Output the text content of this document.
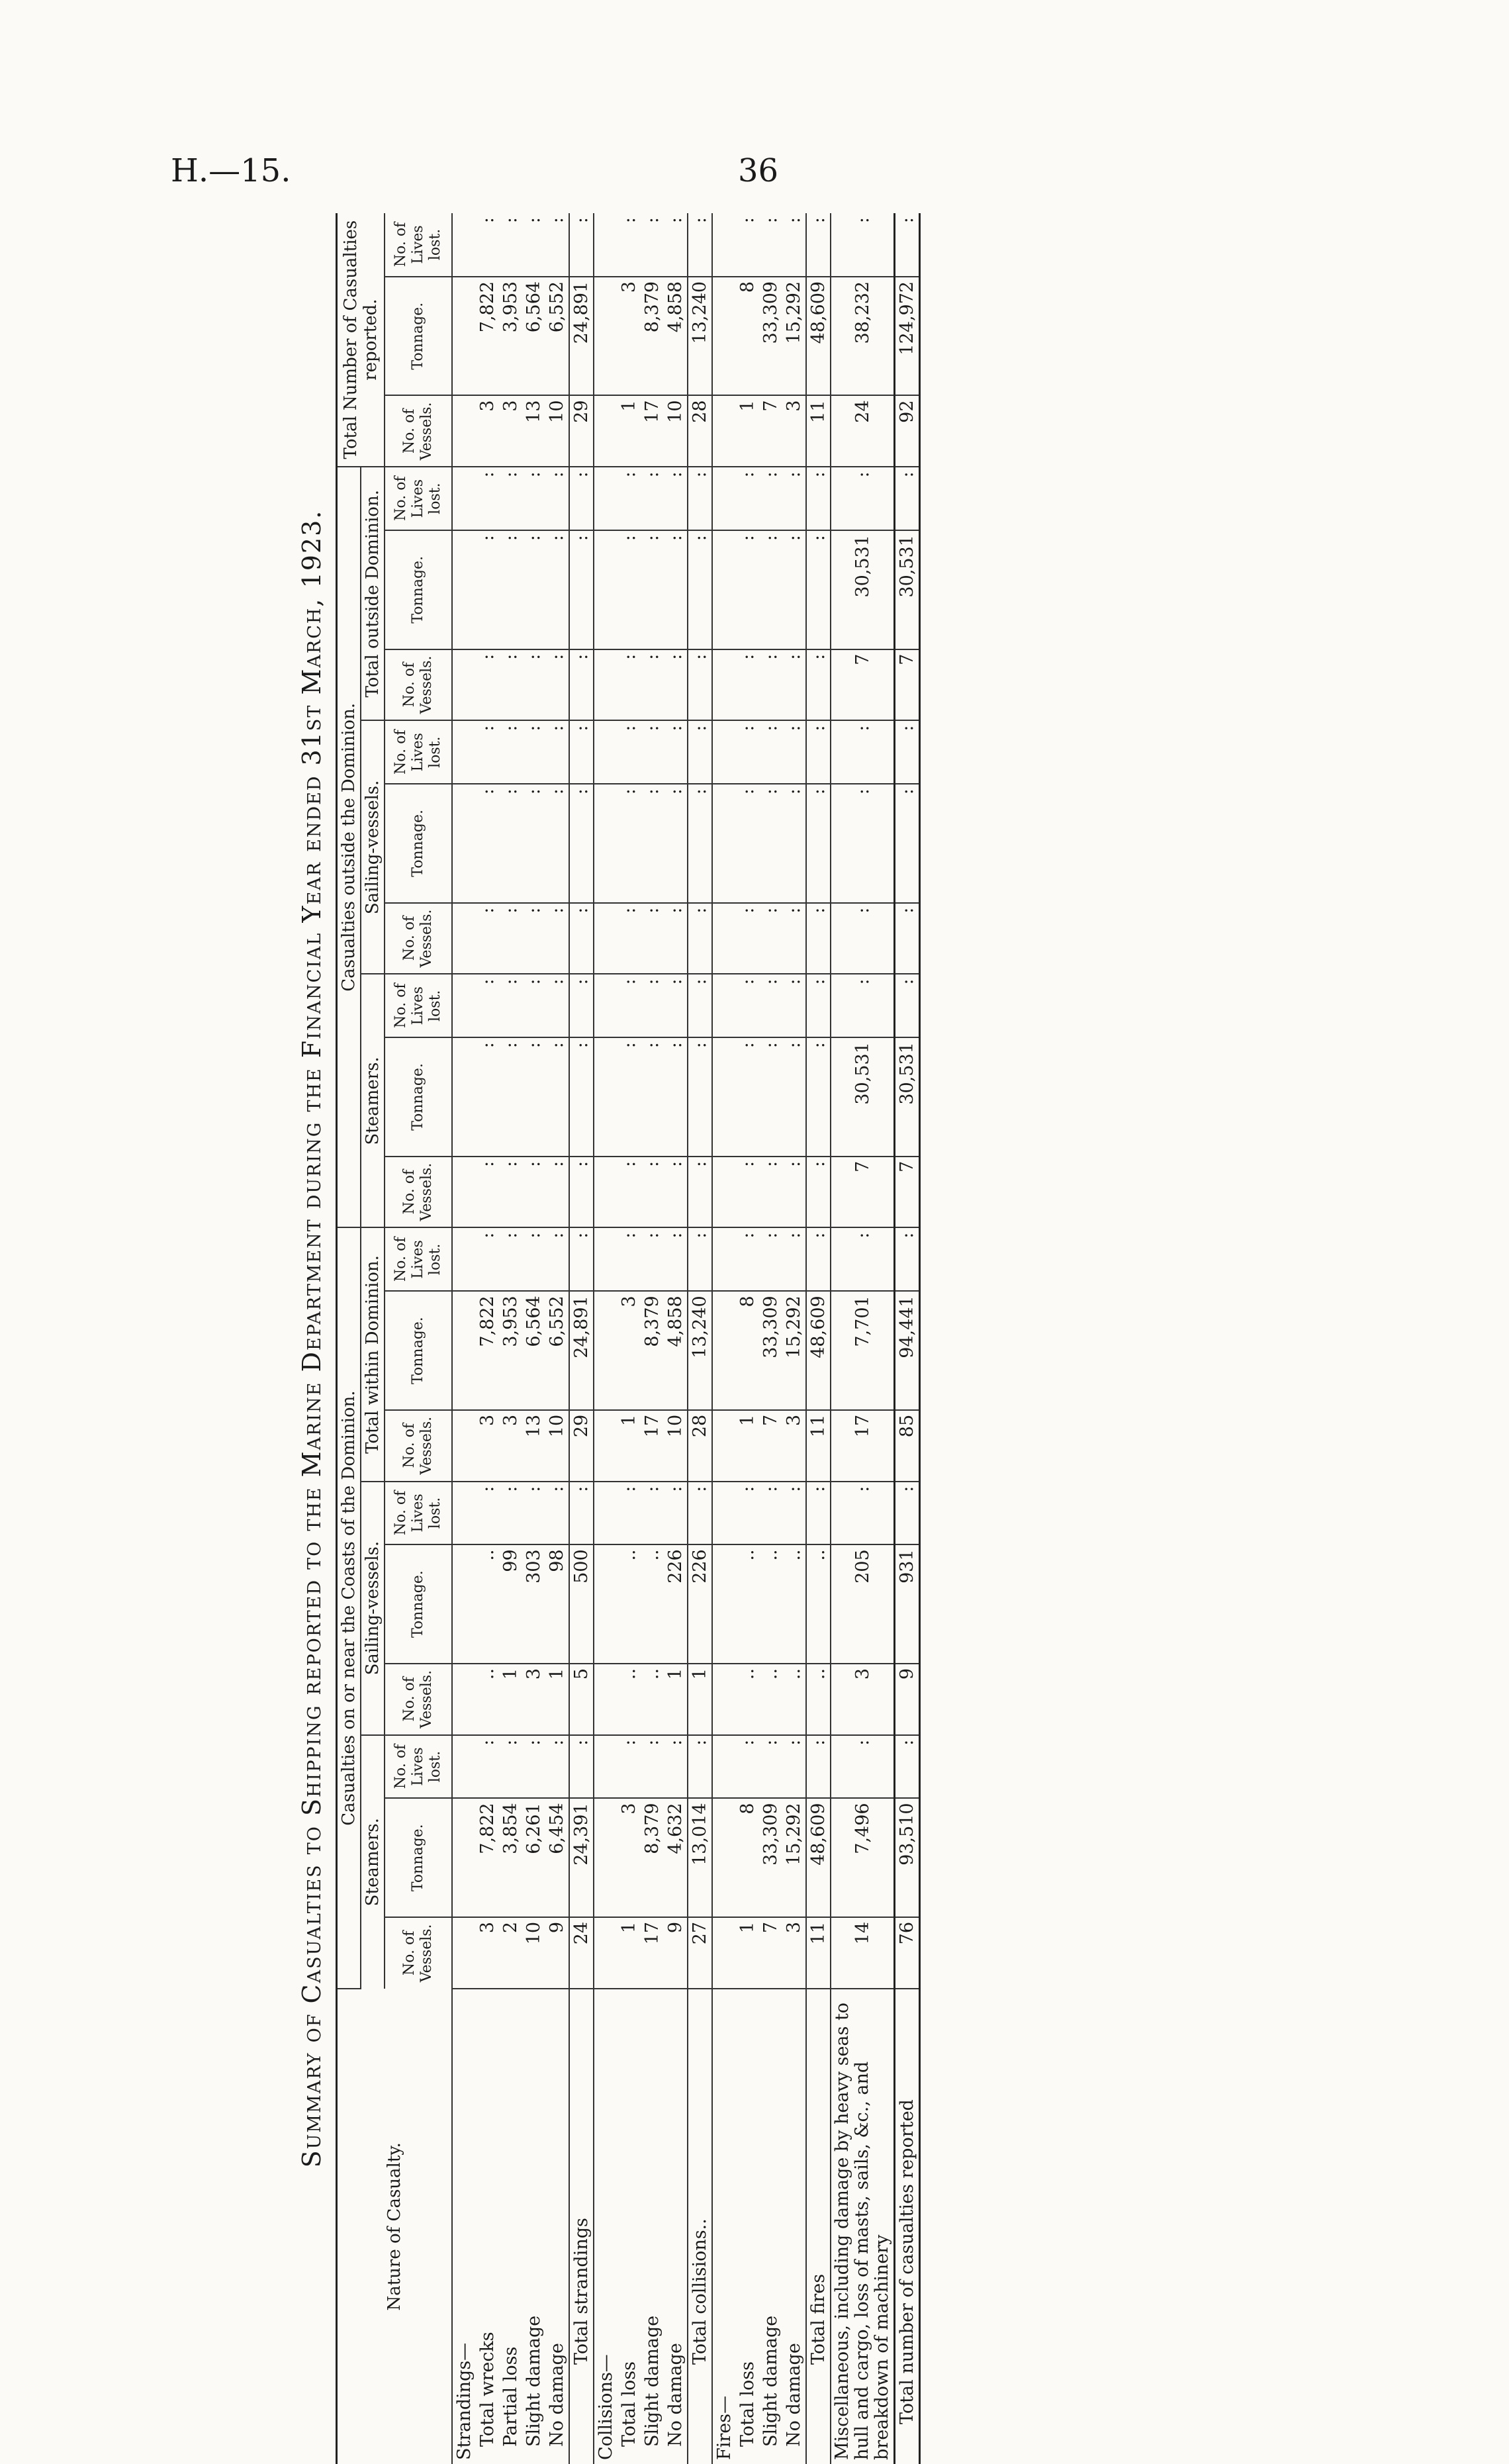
H.—15.	36
Summary of Casualties to Shipping reported to the Marine Department during the Financial Year ended 31st March, 1923.
Nature of Casualty.	Casualties on or near the Coasts of the Dominion.									Casualties outside the Dominion.									Total Number of Casualties reported.		
	Steamers.			Sailing-vessels.			Total within Dominion.			Steamers.			Sailing-vessels.			Total outside Dominion.					
	No. of Vessels.	Tonnage.	No. of Lives lost.	No. of Vessels.	Tonnage.	No. of Lives lost.	No. of Vessels.	Tonnage.	No. of Lives lost.	No. of Vessels.	Tonnage.	No. of Lives lost.	No. of Vessels.	Tonnage.	No. of Lives lost.	No. of Vessels.	Tonnage.	No. of Lives lost.	No. of Vessels.	Tonnage.	No. of Lives lost.
Strandings—																					
Total wrecks	3	7,822	:	..	..	:	3	7,822	:	:	:	:	:	:	:	:	:	:	3	7,822	:
Partial loss	2	3,854	:	1	99	:	3	3,953	:	:	:	:	:	:	:	:	:	:	3	3,953	:
Slight damage	10	6,261	:	3	303	:	13	6,564	:	:	:	:	:	:	:	:	:	:	13	6,564	:
No damage	9	6,454	:	1	98	:	10	6,552	:	:	:	:	:	:	:	:	:	:	10	6,552	:
Total strandings	24	24,391	:	5	500	:	29	24,891	:	:	:	:	:	:	:	:	:	:	29	24,891	:
Collisions—																					
Total loss	1	3	:	..	..	:	1	3	:	:	:	:	:	:	:	:	:	:	1	3	:
Slight damage	17	8,379	:	..	..	:	17	8,379	:	:	:	:	:	:	:	:	:	:	17	8,379	:
No damage	9	4,632	:	1	226	:	10	4,858	:	:	:	:	:	:	:	:	:	:	10	4,858	:
Total collisions..	27	13,014	:	1	226	:	28	13,240	:	:	:	:	:	:	:	:	:	:	28	13,240	:
Fires—																					
Total loss	1	8	:	..	..	:	1	8	:	:	:	:	:	:	:	:	:	:	1	8	:
Slight damage	7	33,309	:	..	..	:	7	33,309	:	:	:	:	:	:	:	:	:	:	7	33,309	:
No damage	3	15,292	:	..	..	:	3	15,292	:	:	:	:	:	:	:	:	:	:	3	15,292	:
Total fires	11	48,609	:	..	..	:	11	48,609	:	:	:	:	:	:	:	:	:	:	11	48,609	:
Miscellaneous, including damage by heavy seas to hull and cargo, loss of masts, sails, &c., and breakdown of machinery	14	7,496	:	3	205	:	17	7,701	:	7	30,531	:	:	:	:	7	30,531	:	24	38,232	:
Total number of casualties reported	76	93,510	:	9	931	:	85	94,441	:	7	30,531	:	:	:	:	7	30,531	:	92	124,972	:
